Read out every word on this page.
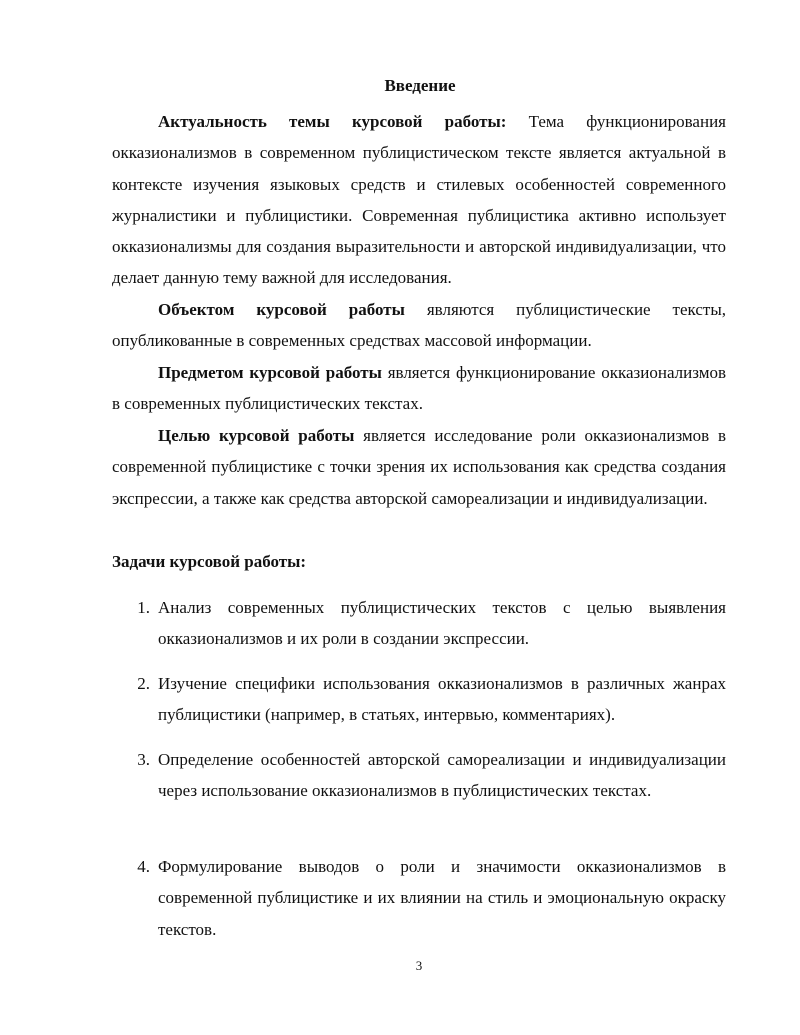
Введение

Актуальность темы курсовой работы: Тема функционирования окказионализмов в современном публицистическом тексте является актуальной в контексте изучения языковых средств и стилевых особенностей современного журналистики и публицистики. Современная публицистика активно использует окказионализмы для создания выразительности и авторской индивидуализации, что делает данную тему важной для исследования.

Объектом курсовой работы являются публицистические тексты, опубликованные в современных средствах массовой информации.

Предметом курсовой работы является функционирование окказионализмов в современных публицистических текстах.

Целью курсовой работы является исследование роли окказионализмов в современной публицистике с точки зрения их использования как средства создания экспрессии, а также как средства авторской самореализации и индивидуализации.

Задачи курсовой работы:

1. Анализ современных публицистических текстов с целью выявления окказионализмов и их роли в создании экспрессии.
2. Изучение специфики использования окказионализмов в различных жанрах публицистики (например, в статьях, интервью, комментариях).
3. Определение особенностей авторской самореализации и индивидуализации через использование окказионализмов в публицистических текстах.
4. Формулирование выводов о роли и значимости окказионализмов в современной публицистике и их влиянии на стиль и эмоциональную окраску текстов.
3
